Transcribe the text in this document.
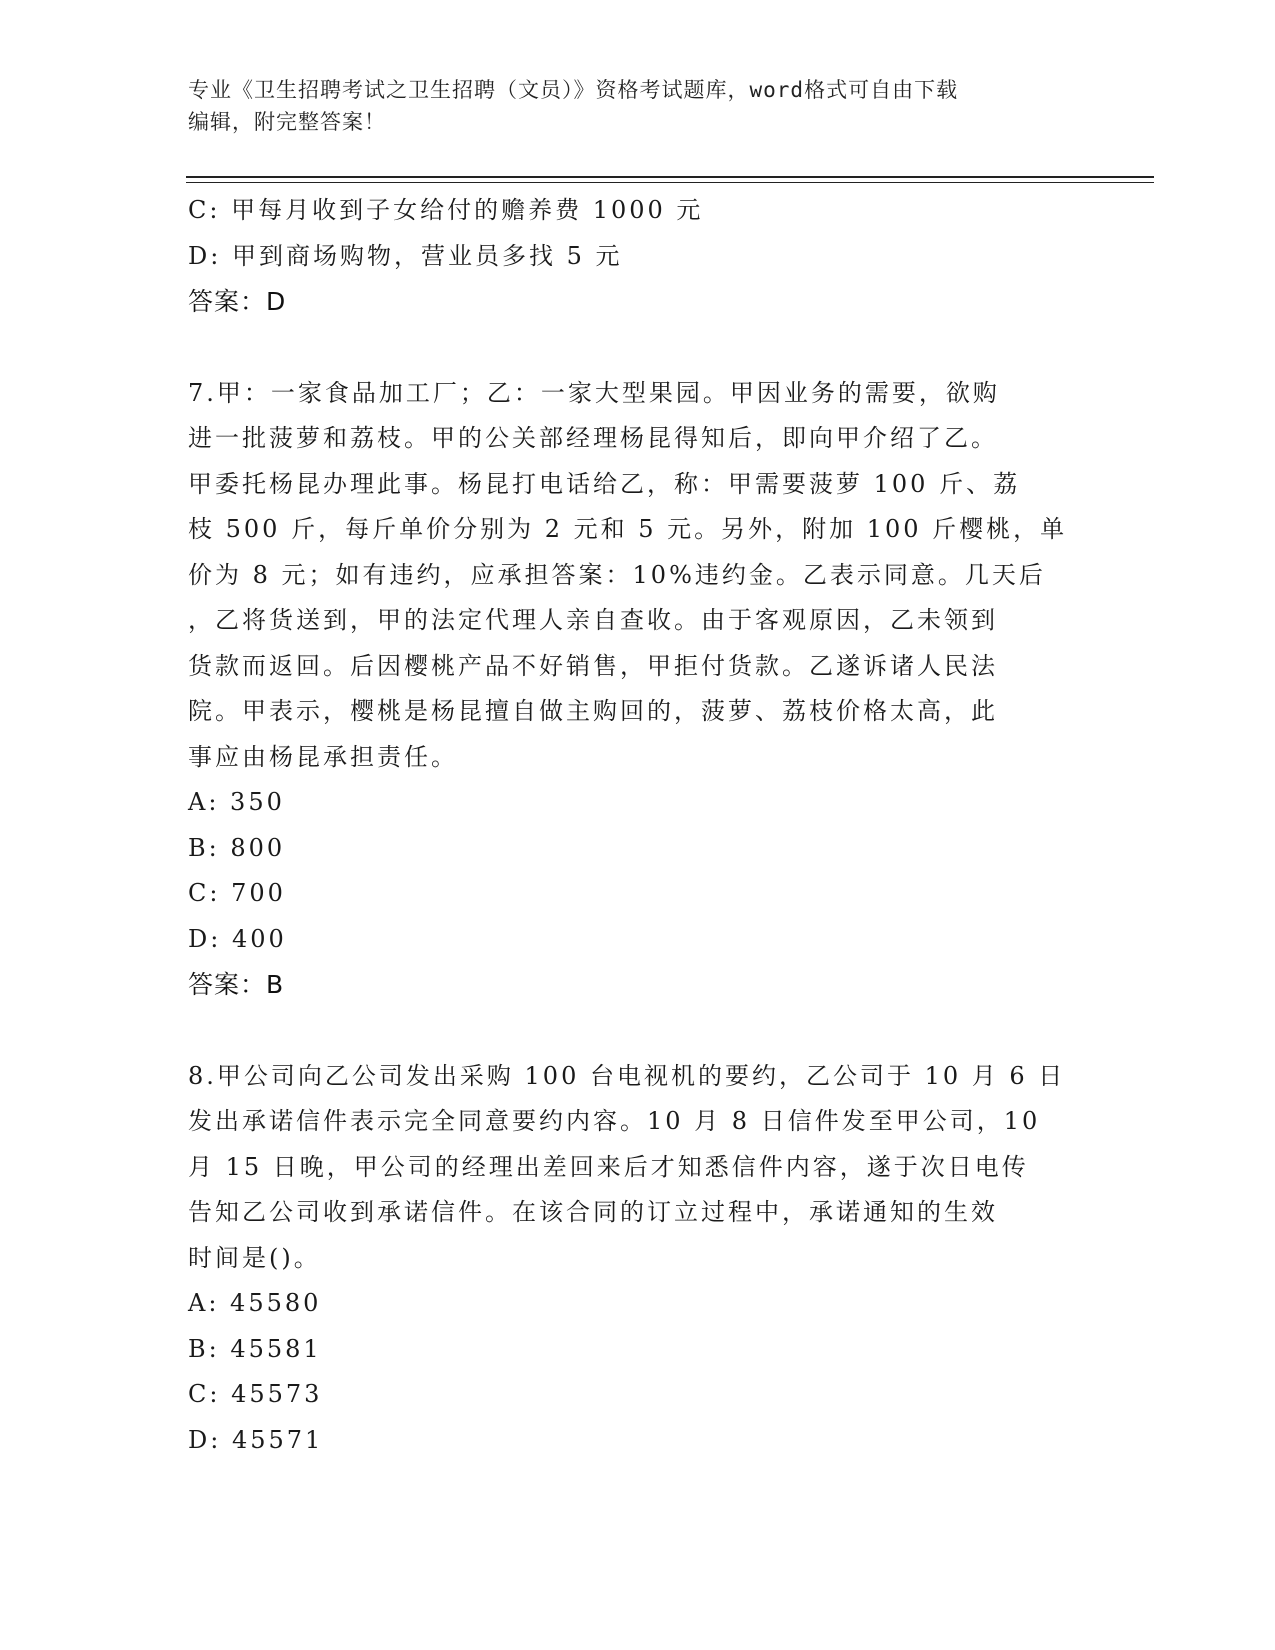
专业《卫生招聘考试之卫生招聘（文员）》资格考试题库，word格式可自由下载
编辑，附完整答案！
C: 甲每月收到子女给付的赡养费 1000 元
D: 甲到商场购物，营业员多找 5 元
答案：D
7.甲：一家食品加工厂；乙：一家大型果园。甲因业务的需要，欲购
进一批菠萝和荔枝。甲的公关部经理杨昆得知后，即向甲介绍了乙。
甲委托杨昆办理此事。杨昆打电话给乙，称：甲需要菠萝 100 斤、荔
枝 500 斤，每斤单价分别为 2 元和 5 元。另外，附加 100 斤樱桃，单
价为 8 元；如有违约，应承担答案：10%违约金。乙表示同意。几天后
，乙将货送到，甲的法定代理人亲自查收。由于客观原因，乙未领到
货款而返回。后因樱桃产品不好销售，甲拒付货款。乙遂诉诸人民法
院。甲表示，樱桃是杨昆擅自做主购回的，菠萝、荔枝价格太高，此
事应由杨昆承担责任。
A: 350
B: 800
C: 700
D: 400
答案：B
8.甲公司向乙公司发出采购 100 台电视机的要约，乙公司于 10 月 6 日
发出承诺信件表示完全同意要约内容。10 月 8 日信件发至甲公司，10
月 15 日晚，甲公司的经理出差回来后才知悉信件内容，遂于次日电传
告知乙公司收到承诺信件。在该合同的订立过程中，承诺通知的生效
时间是()。
A: 45580
B: 45581
C: 45573
D: 45571
